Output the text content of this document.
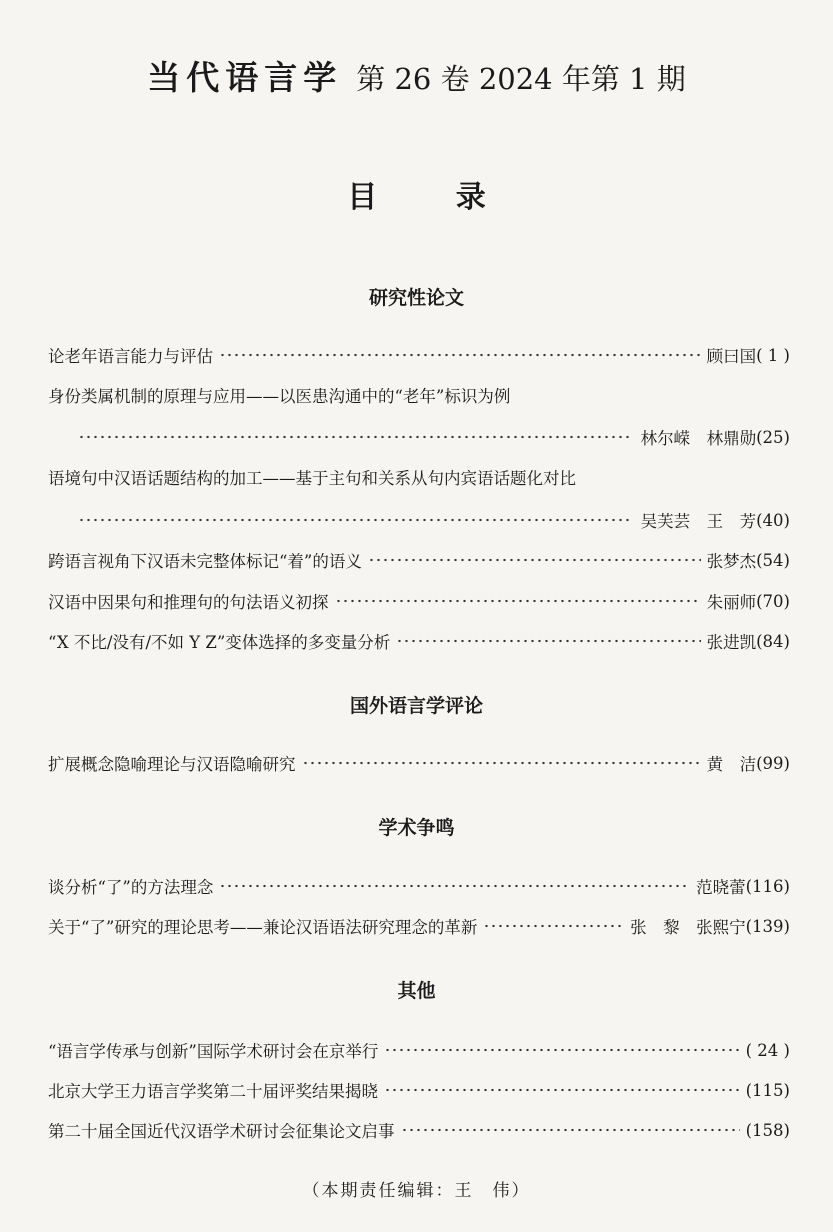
当代语言学 第 26 卷 2024 年第 1 期
目 录
研究性论文
论老年语言能力与评估	顾曰国 ( 1 )
身份类属机制的原理与应用——以医患沟通中的“老年”标识为例
林尔嵘　林鼎勋 (25)
语境句中汉语话题结构的加工——基于主句和关系从句内宾语话题化对比
吴芙芸　王　芳 (40)
跨语言视角下汉语未完整体标记“着”的语义	张梦杰 (54)
汉语中因果句和推理句的句法语义初探	朱丽师 (70)
“X 不比/没有/不如 Y Z”变体选择的多变量分析	张进凯 (84)
国外语言学评论
扩展概念隐喻理论与汉语隐喻研究	黄　洁 (99)
学术争鸣
谈分析“了”的方法理念	范晓蕾 (116)
关于“了”研究的理论思考——兼论汉语语法研究理念的革新	张　黎　张熙宁 (139)
其他
“语言学传承与创新”国际学术研讨会在京举行	( 24 )
北京大学王力语言学奖第二十届评奖结果揭晓	(115)
第二十届全国近代汉语学术研讨会征集论文启事	(158)
（本期责任编辑：王　伟）
